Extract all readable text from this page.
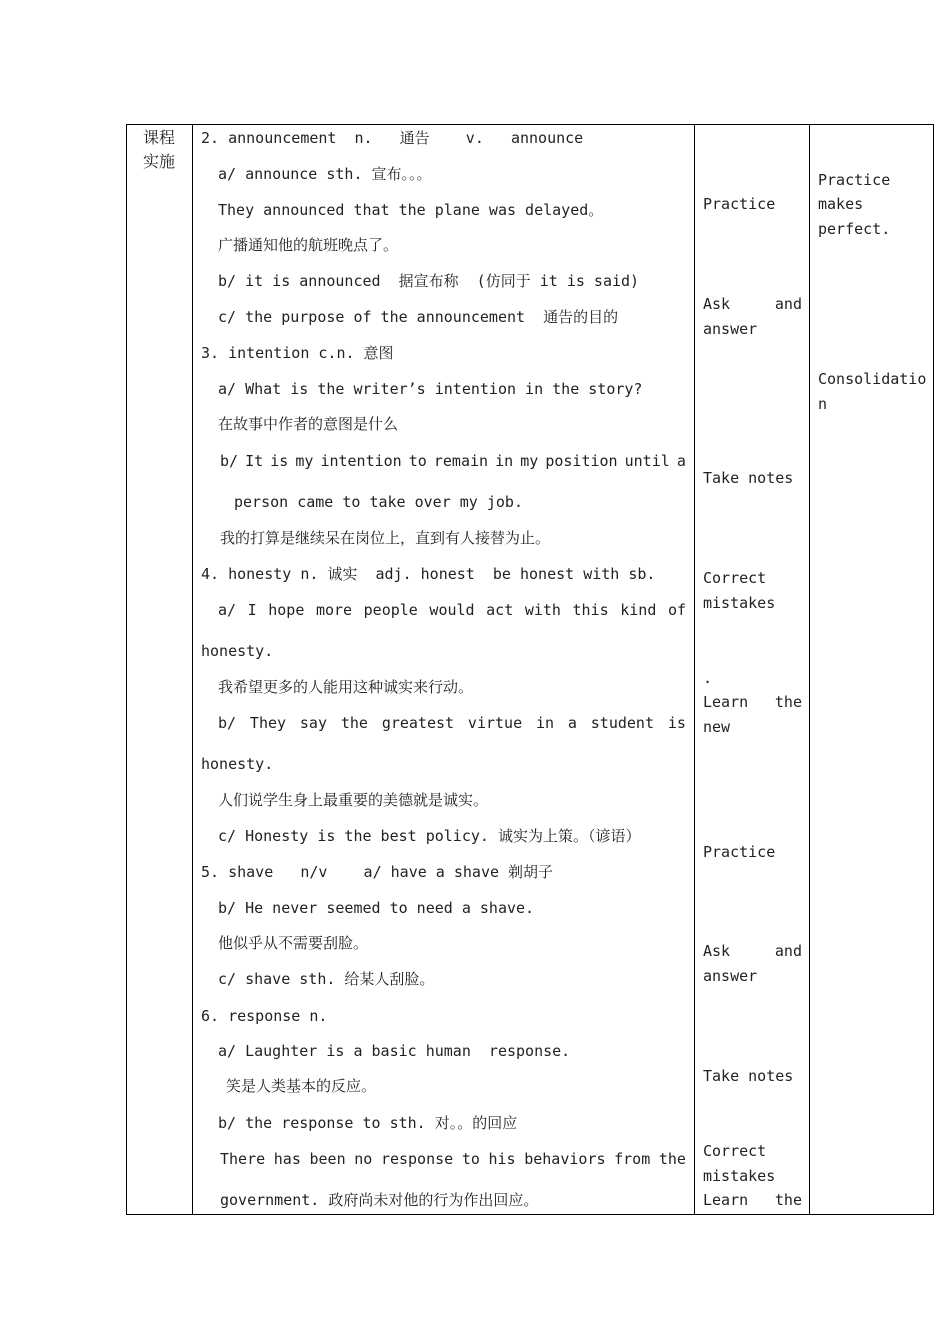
课程
实施
2. announcement  n.   通告    v.   announce
a/ announce sth. 宣布。。。
They announced that the plane was delayed。
广播通知他的航班晚点了。
b/ it is announced  据宣布称  (仿同于 it is said)
c/ the purpose of the announcement  通告的目的
3. intention c.n. 意图
a/ What is the writer’s intention in the story?
在故事中作者的意图是什么
b/ It is my intention to remain in my position until a
person came to take over my job.
我的打算是继续呆在岗位上，直到有人接替为止。
4. honesty n. 诚实  adj. honest  be honest with sb.
a/ I hope more people would act with this kind of
honesty.
我希望更多的人能用这种诚实来行动。
b/ They say the greatest virtue in a student is
honesty.
人们说学生身上最重要的美德就是诚实。
c/ Honesty is the best policy. 诚实为上策。（谚语）
5. shave   n/v    a/ have a shave 剃胡子
b/ He never seemed to need a shave.
他似乎从不需要刮脸。
c/ shave sth. 给某人刮脸。
6. response n.
a/ Laughter is a basic human  response.
笑是人类基本的反应。
b/ the response to sth. 对。。的回应
There has been no response to his behaviors from the
government. 政府尚未对他的行为作出回应。
Practice
Ask	and
answer
Take notes
Correct
mistakes
.
Learn the
new
Practice
Ask	and
answer
Take notes
Correct
mistakes
Learn the
Practice
makes
perfect.
Consolidatio
n
